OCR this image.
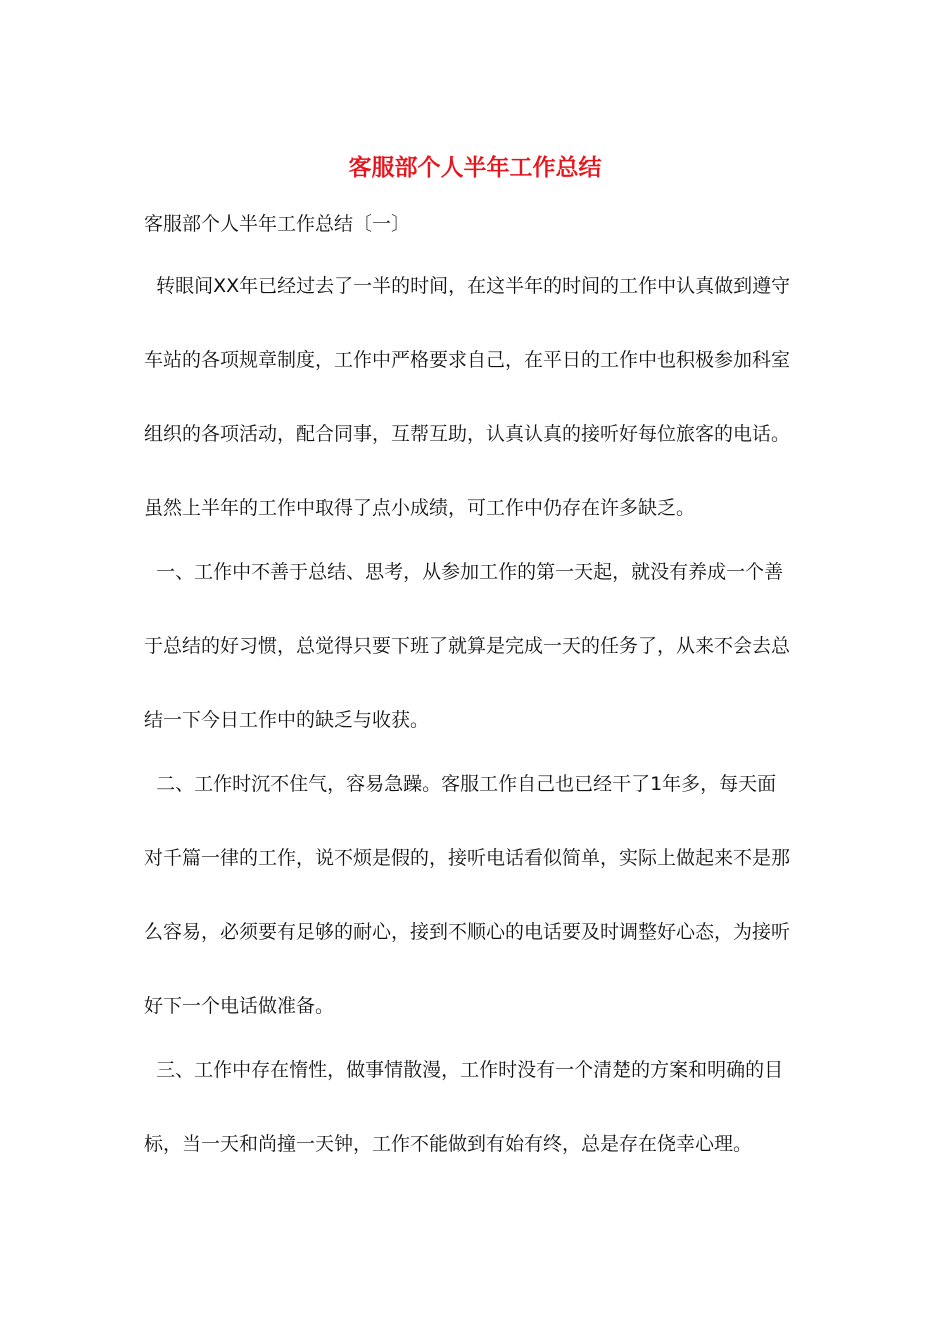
客服部个人半年工作总结
客服部个人半年工作总结〔一〕
转眼间XX年已经过去了一半的时间，在这半年的时间的工作中认真做到遵守
车站的各项规章制度，工作中严格要求自己，在平日的工作中也积极参加科室
组织的各项活动，配合同事，互帮互助，认真认真的接听好每位旅客的电话。
虽然上半年的工作中取得了点小成绩，可工作中仍存在许多缺乏。
一、工作中不善于总结、思考，从参加工作的第一天起，就没有养成一个善
于总结的好习惯，总觉得只要下班了就算是完成一天的任务了，从来不会去总
结一下今日工作中的缺乏与收获。
二、工作时沉不住气，容易急躁。客服工作自己也已经干了1年多，每天面
对千篇一律的工作，说不烦是假的，接听电话看似简单，实际上做起来不是那
么容易，必须要有足够的耐心，接到不顺心的电话要及时调整好心态，为接听
好下一个电话做准备。
三、工作中存在惰性，做事情散漫，工作时没有一个清楚的方案和明确的目
标，当一天和尚撞一天钟，工作不能做到有始有终，总是存在侥幸心理。
